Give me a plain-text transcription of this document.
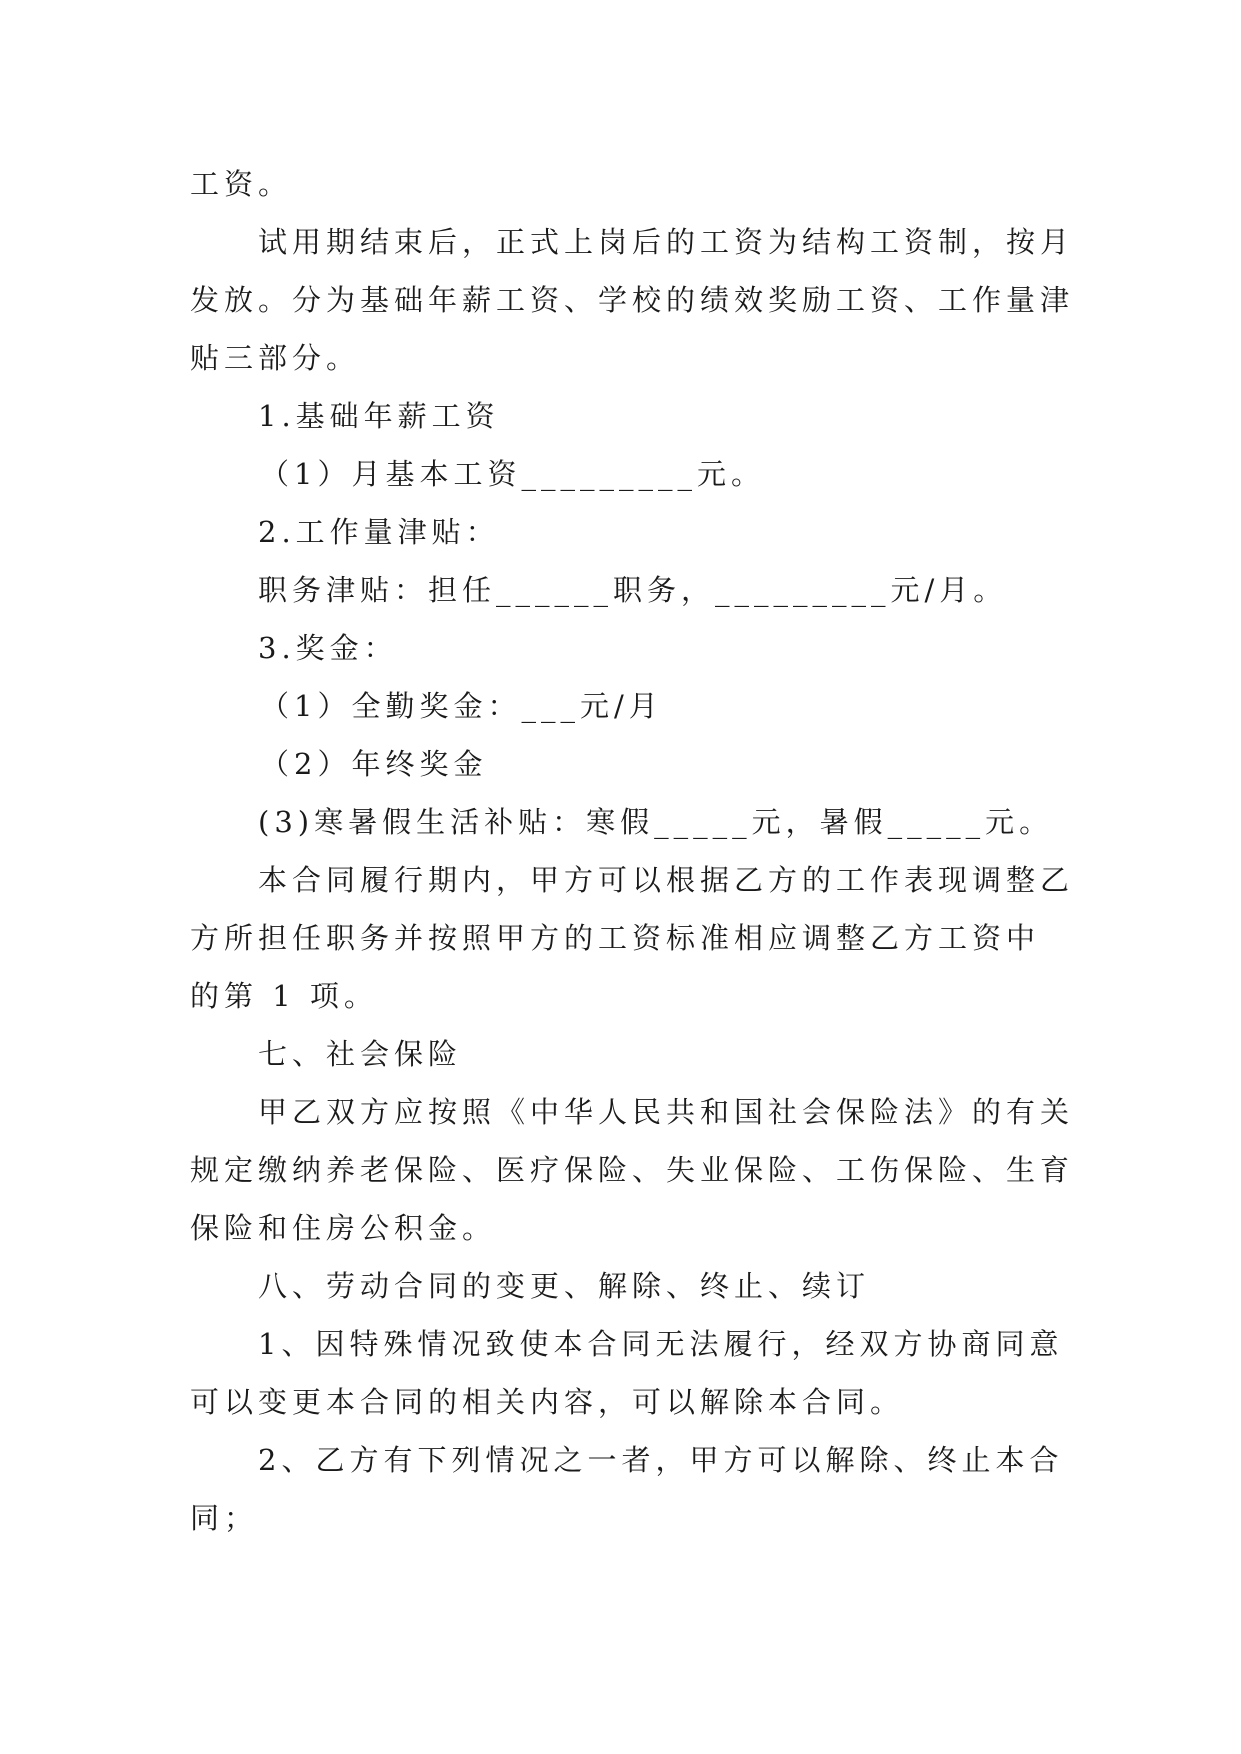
工资。
试用期结束后，正式上岗后的工资为结构工资制，按月
发放。分为基础年薪工资、学校的绩效奖励工资、工作量津
贴三部分。
1.基础年薪工资
（1）月基本工资_________元。
2.工作量津贴：
职务津贴：担任______职务，_________元/月。
3.奖金：
（1）全勤奖金：___元/月
（2）年终奖金
(3)寒暑假生活补贴：寒假_____元，暑假_____元。
本合同履行期内，甲方可以根据乙方的工作表现调整乙
方所担任职务并按照甲方的工资标准相应调整乙方工资中
的第 1 项。
七、社会保险
甲乙双方应按照《中华人民共和国社会保险法》的有关
规定缴纳养老保险、医疗保险、失业保险、工伤保险、生育
保险和住房公积金。
八、劳动合同的变更、解除、终止、续订
1、因特殊情况致使本合同无法履行，经双方协商同意
可以变更本合同的相关内容，可以解除本合同。
2、乙方有下列情况之一者，甲方可以解除、终止本合
同；
